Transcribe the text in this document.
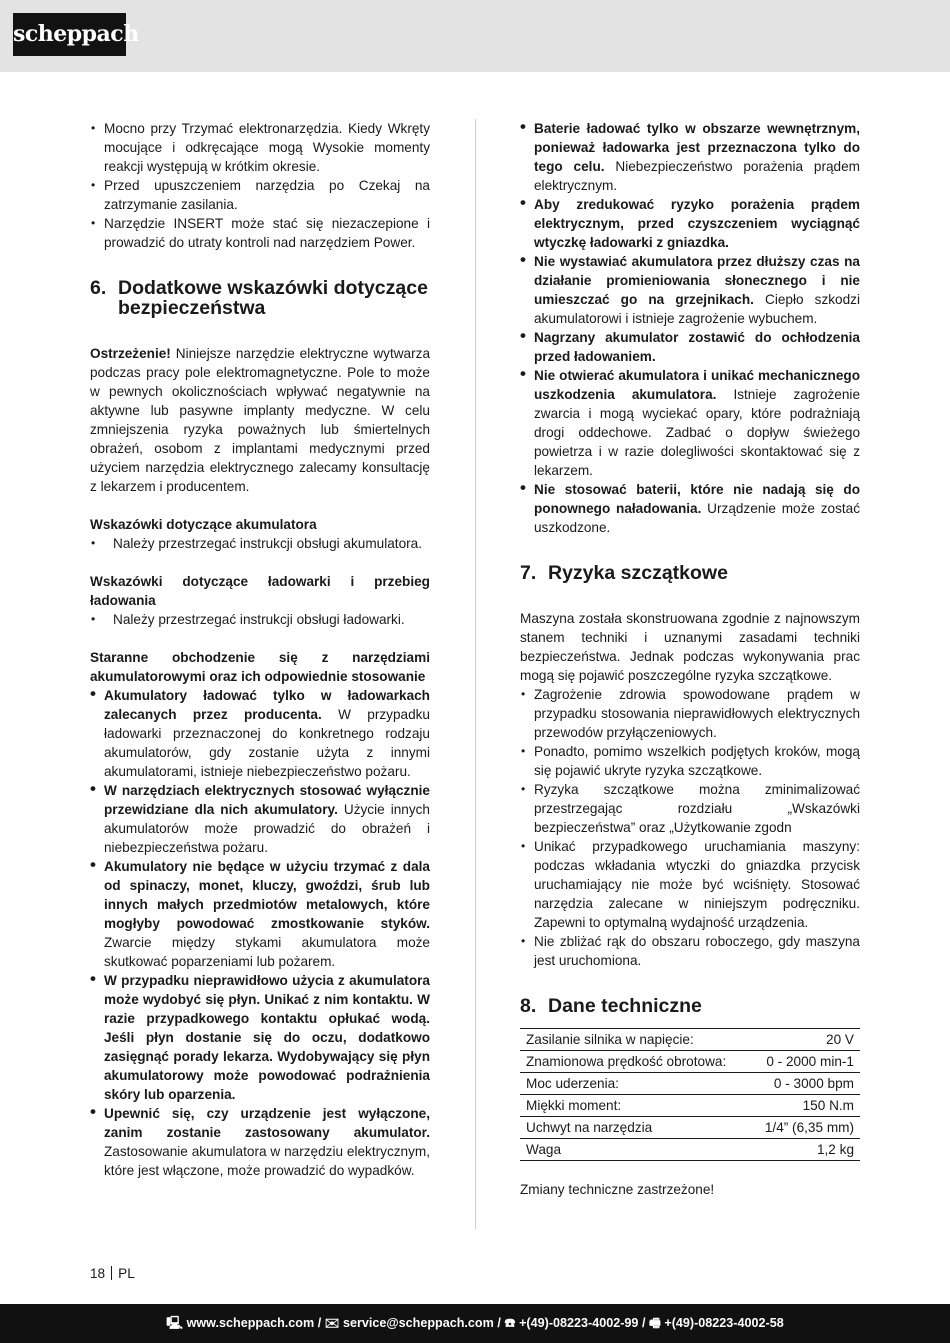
scheppach
• Mocno przy Trzymać elektronarzędzia. Kiedy Wkręty mocujące i odkręcające mogą Wysokie momenty reakcji występują w krótkim okresie.
• Przed upuszczeniem narzędzia po Czekaj na zatrzymanie zasilania.
• Narzędzie INSERT może stać się niezaczepione i prowadzić do utraty kontroli nad narzędziem Power.
6. Dodatkowe wskazówki dotyczące bezpieczeństwa

Ostrzeżenie! Niniejsze narzędzie elektryczne wytwarza podczas pracy pole elektromagnetyczne. Pole to może w pewnych okolicznościach wpływać negatywnie na aktywne lub pasywne implanty medyczne. W celu zmniejszenia ryzyka poważnych lub śmiertelnych obrażeń, osobom z implantami medycznymi przed użyciem narzędzia elektrycznego zalecamy konsultację z lekarzem i producentem.

Wskazówki dotyczące akumulatora

• Należy przestrzegać instrukcji obsługi akumulatora.

Wskazówki dotyczące ładowarki i przebieg ładowania

• Należy przestrzegać instrukcji obsługi ładowarki.

Staranne obchodzenie się z narzędziami akumulatorowymi oraz ich odpowiednie stosowanie

• Akumulatory ładować tylko w ładowarkach zalecanych przez producenta. W przypadku ładowarki przeznaczonej do konkretnego rodzaju akumulatorów, gdy zostanie użyta z innymi akumulatorami, istnieje niebezpieczeństwo pożaru.
• W narzędziach elektrycznych stosować wyłącznie przewidziane dla nich akumulatory. Użycie innych akumulatorów może prowadzić do obrażeń i niebezpieczeństwa pożaru.
• Akumulatory nie będące w użyciu trzymać z dala od spinaczy, monet, kluczy, gwoździ, śrub lub innych małych przedmiotów metalowych, które mogłyby powodować zmostkowanie styków. Zwarcie między stykami akumulatora może skutkować poparzeniami lub pożarem.
• W przypadku nieprawidłowo użycia z akumulatora może wydobyć się płyn. Unikać z nim kontaktu. W razie przypadkowego kontaktu opłukać wodą. Jeśli płyn dostanie się do oczu, dodatkowo zasięgnąć porady lekarza. Wydobywający się płyn akumulatorowy może powodować podrażnienia skóry lub oparzenia.
• Upewnić się, czy urządzenie jest wyłączone, zanim zostanie zastosowany akumulator. Zastosowanie akumulatora w narzędziu elektrycznym, które jest włączone, może prowadzić do wypadków.
• Baterie ładować tylko w obszarze wewnętrznym, ponieważ ładowarka jest przeznaczona tylko do tego celu. Niebezpieczeństwo porażenia prądem elektrycznym.
• Aby zredukować ryzyko porażenia prądem elektrycznym, przed czyszczeniem wyciągnąć wtyczkę ładowarki z gniazdka.
• Nie wystawiać akumulatora przez dłuższy czas na działanie promieniowania słonecznego i nie umieszczać go na grzejnikach. Ciepło szkodzi akumulatorowi i istnieje zagrożenie wybuchem.
• Nagrzany akumulator zostawić do ochłodzenia przed ładowaniem.
• Nie otwierać akumulatora i unikać mechanicznego uszkodzenia akumulatora. Istnieje zagrożenie zwarcia i mogą wyciekać opary, które podrażniają drogi oddechowe. Zadbać o dopływ świeżego powietrza i w razie dolegliwości skontaktować się z lekarzem.
• Nie stosować baterii, które nie nadają się do ponownego naładowania. Urządzenie może zostać uszkodzone.
7. Ryzyka szczątkowe

Maszyna została skonstruowana zgodnie z najnowszym stanem techniki i uznanymi zasadami techniki bezpieczeństwa. Jednak podczas wykonywania prac mogą się pojawić poszczególne ryzyka szczątkowe.

• Zagrożenie zdrowia spowodowane prądem w przypadku stosowania nieprawidłowych elektrycznych przewodów przyłączeniowych.
• Ponadto, pomimo wszelkich podjętych kroków, mogą się pojawić ukryte ryzyka szczątkowe.
• Ryzyka szczątkowe można zminimalizować przestrzegając rozdziału „Wskazówki bezpieczeństwa” oraz „Użytkowanie zgodn
• Unikać przypadkowego uruchamiania maszyny: podczas wkładania wtyczki do gniazdka przycisk uruchamiający nie może być wciśnięty. Stosować narzędzia zalecane w niniejszym podręczniku. Zapewni to optymalną wydajność urządzenia.
• Nie zbliżać rąk do obszaru roboczego, gdy maszyna jest uruchomiona.
8. Dane techniczne
Zasilanie silnika w napięcie:	20 V
Znamionowa prędkość obrotowa:	0 - 2000 min-1
Moc uderzenia:	0 - 3000 bpm
Miękki moment:	150 N.m
Uchwyt na narzędzia	1/4” (6,35 mm)
Waga	1,2 kg

Zmiany techniczne zastrzeżone!

18 PL
🖳 www.scheppach.com / ✉ service@scheppach.com / ☎ +(49)-08223-4002-99 / 🖷 +(49)-08223-4002-58
